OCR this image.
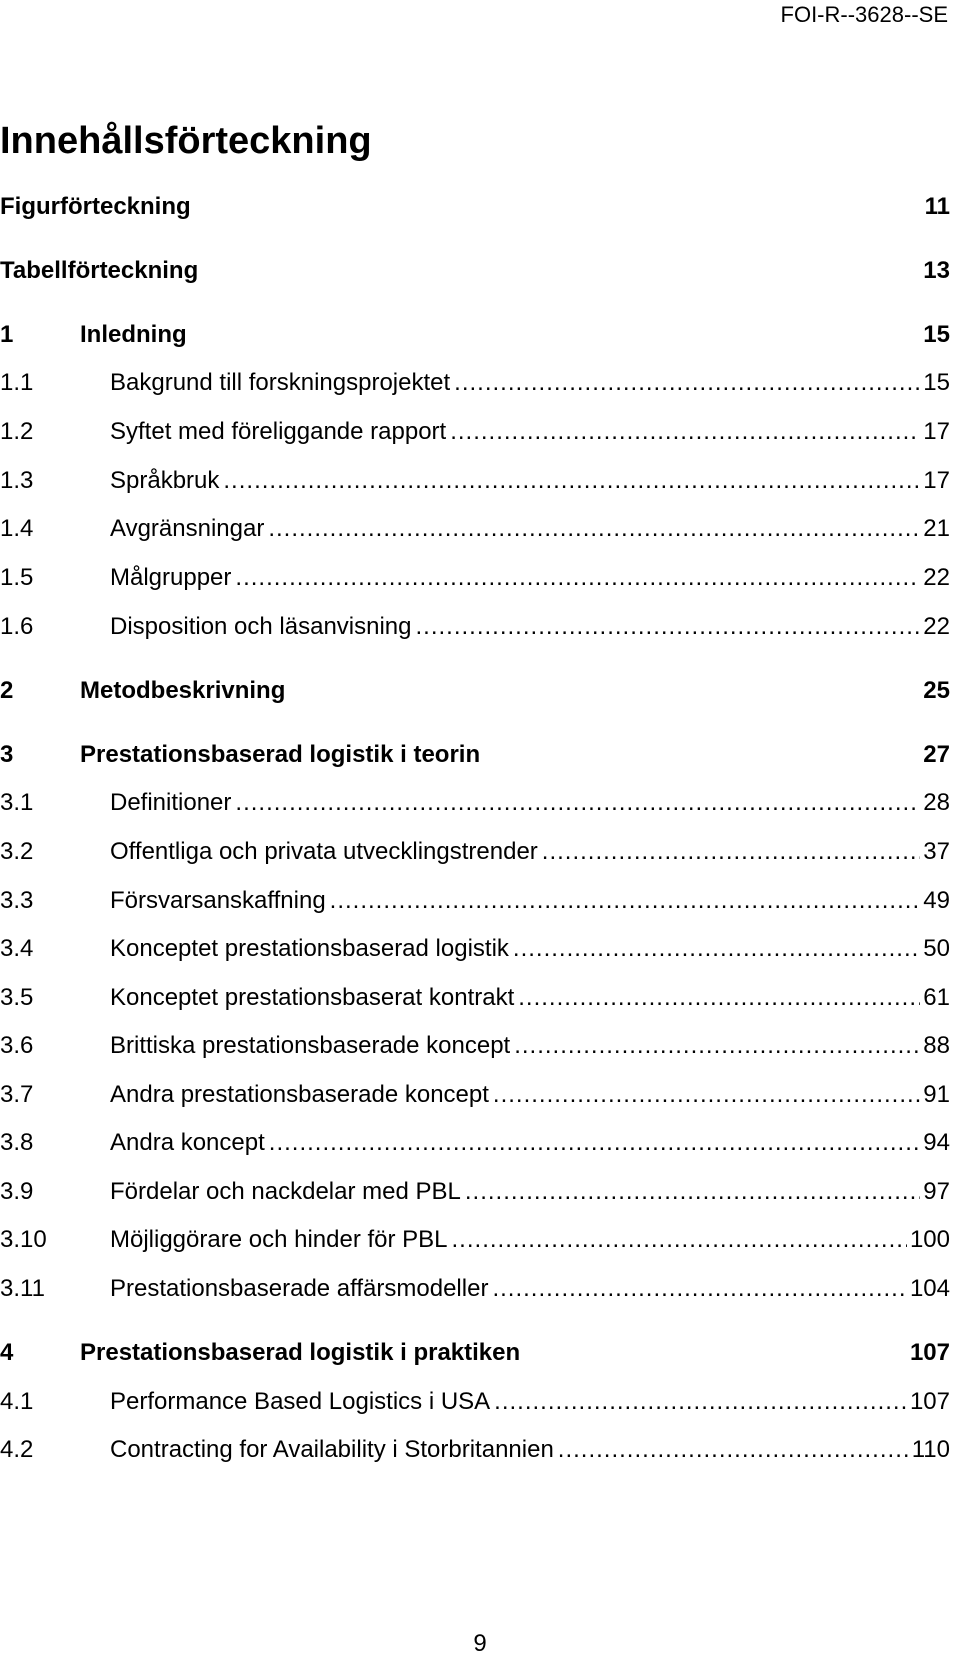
FOI-R--3628--SE
Innehållsförteckning
Figurförteckning	11
Tabellförteckning	13
1	Inledning	15
1.1	Bakgrund till forskningsprojektet .....	15
1.2	Syftet med föreliggande rapport .....	17
1.3	Språkbruk .....	17
1.4	Avgränsningar .....	21
1.5	Målgrupper .....	22
1.6	Disposition och läsanvisning .....	22
2	Metodbeskrivning	25
3	Prestationsbaserad logistik i teorin	27
3.1	Definitioner .....	28
3.2	Offentliga och privata utvecklingstrender .....	37
3.3	Försvarsanskaffning .....	49
3.4	Konceptet prestationsbaserad logistik .....	50
3.5	Konceptet prestationsbaserat kontrakt .....	61
3.6	Brittiska prestationsbaserade koncept .....	88
3.7	Andra prestationsbaserade koncept .....	91
3.8	Andra koncept .....	94
3.9	Fördelar och nackdelar med PBL .....	97
3.10	Möjliggörare och hinder för PBL .....	100
3.11	Prestationsbaserade affärsmodeller .....	104
4	Prestationsbaserad logistik i praktiken	107
4.1	Performance Based Logistics i USA .....	107
4.2	Contracting for Availability i Storbritannien .....	110
9
